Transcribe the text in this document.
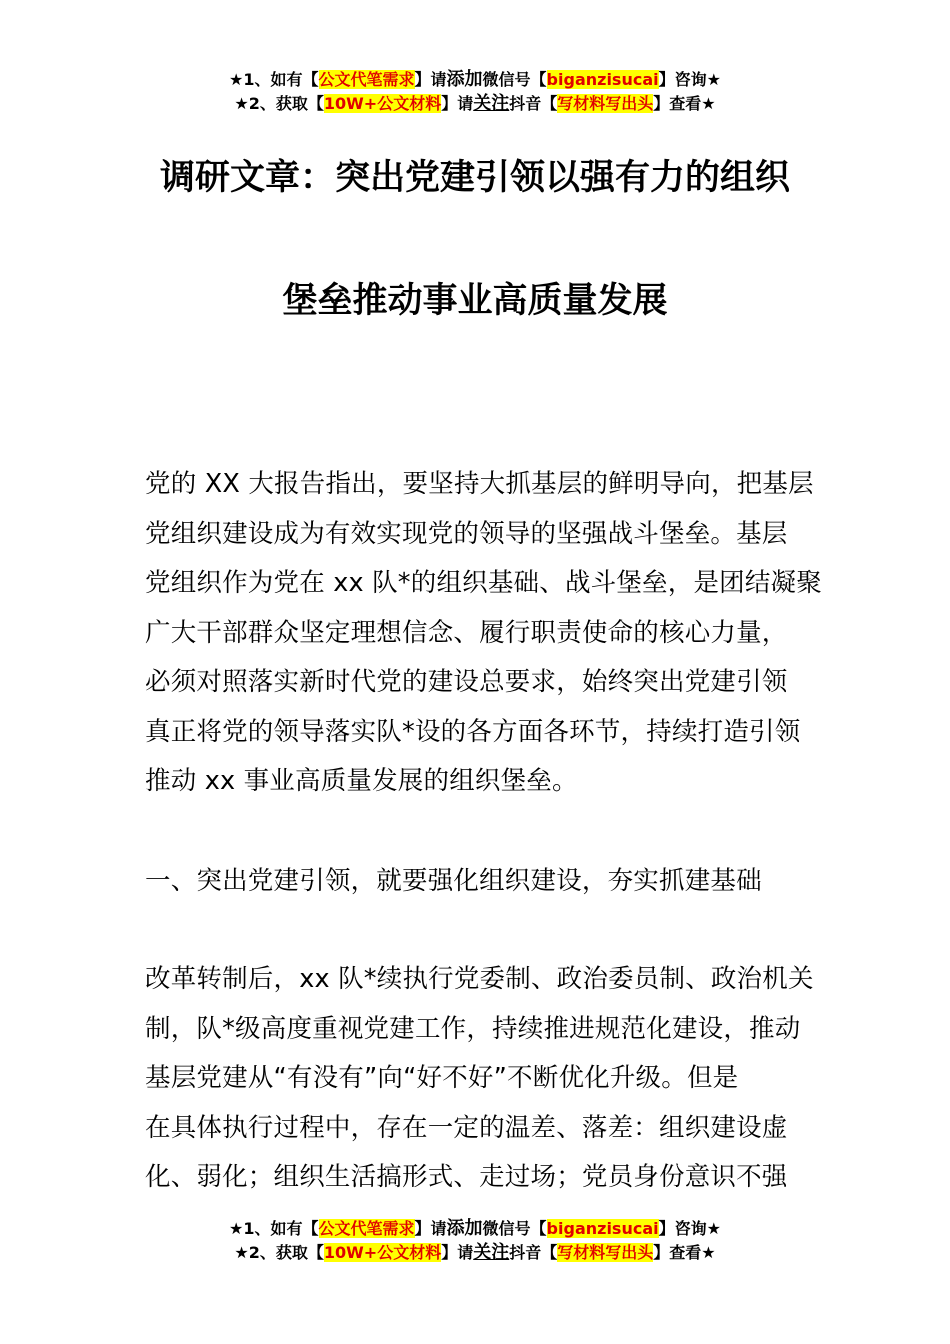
★1、如有【公文代笔需求】请添加微信号【biganzisucai】咨询★
★2、获取【10W+公文材料】请关注抖音【写材料写出头】查看★
调研文章：突出党建引领以强有力的组织
堡垒推动事业高质量发展
党的 XX 大报告指出，要坚持大抓基层的鲜明导向，把基层
党组织建设成为有效实现党的领导的坚强战斗堡垒。基层
党组织作为党在 xx 队*的组织基础、战斗堡垒，是团结凝聚
广大干部群众坚定理想信念、履行职责使命的核心力量，
必须对照落实新时代党的建设总要求，始终突出党建引领
真正将党的领导落实队*设的各方面各环节，持续打造引领
推动 xx 事业高质量发展的组织堡垒。
一、突出党建引领，就要强化组织建设，夯实抓建基础
改革转制后，xx 队*续执行党委制、政治委员制、政治机关
制，队*级高度重视党建工作，持续推进规范化建设，推动
基层党建从“有没有”向“好不好”不断优化升级。但是
在具体执行过程中，存在一定的温差、落差：组织建设虚
化、弱化；组织生活搞形式、走过场；党员身份意识不强
★1、如有【公文代笔需求】请添加微信号【biganzisucai】咨询★
★2、获取【10W+公文材料】请关注抖音【写材料写出头】查看★
